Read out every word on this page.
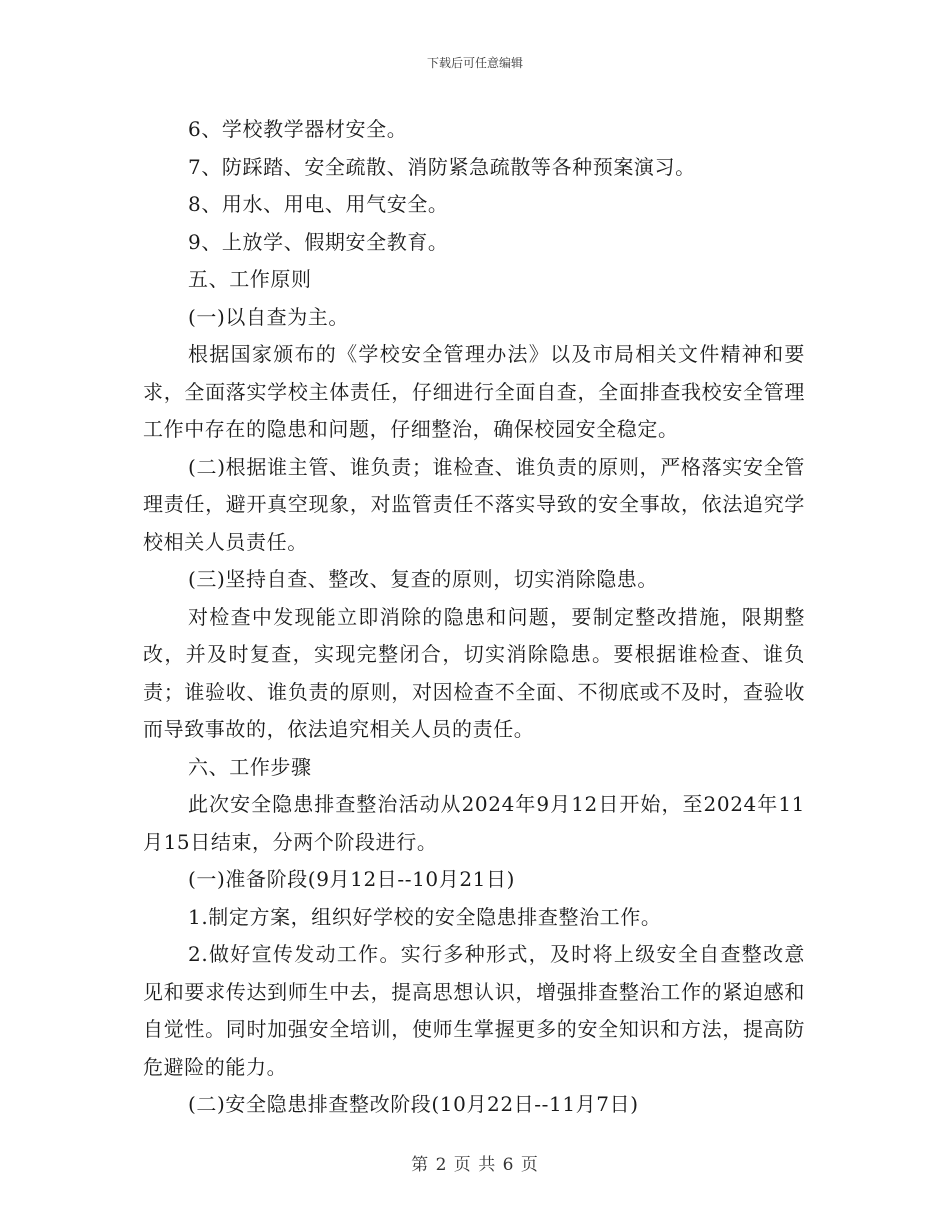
下载后可任意编辑

6、学校教学器材安全。

7、防踩踏、安全疏散、消防紧急疏散等各种预案演习。

8、用水、用电、用气安全。

9、上放学、假期安全教育。

五、工作原则

(一)以自查为主。

根据国家颁布的《学校安全管理办法》以及市局相关文件精神和要求，全面落实学校主体责任，仔细进行全面自查，全面排查我校安全管理工作中存在的隐患和问题，仔细整治，确保校园安全稳定。

(二)根据谁主管、谁负责；谁检查、谁负责的原则，严格落实安全管理责任，避开真空现象，对监管责任不落实导致的安全事故，依法追究学校相关人员责任。

(三)坚持自查、整改、复查的原则，切实消除隐患。

对检查中发现能立即消除的隐患和问题，要制定整改措施，限期整改，并及时复查，实现完整闭合，切实消除隐患。要根据谁检查、谁负责；谁验收、谁负责的原则，对因检查不全面、不彻底或不及时，查验收而导致事故的，依法追究相关人员的责任。

六、工作步骤

此次安全隐患排查整治活动从2024年9月12日开始，至2024年11月15日结束，分两个阶段进行。

(一)准备阶段(9月12日--10月21日)

1.制定方案，组织好学校的安全隐患排查整治工作。

2.做好宣传发动工作。实行多种形式，及时将上级安全自查整改意见和要求传达到师生中去，提高思想认识，增强排查整治工作的紧迫感和自觉性。同时加强安全培训，使师生掌握更多的安全知识和方法，提高防危避险的能力。

(二)安全隐患排查整改阶段(10月22日--11月7日)

第 2 页 共 6 页
